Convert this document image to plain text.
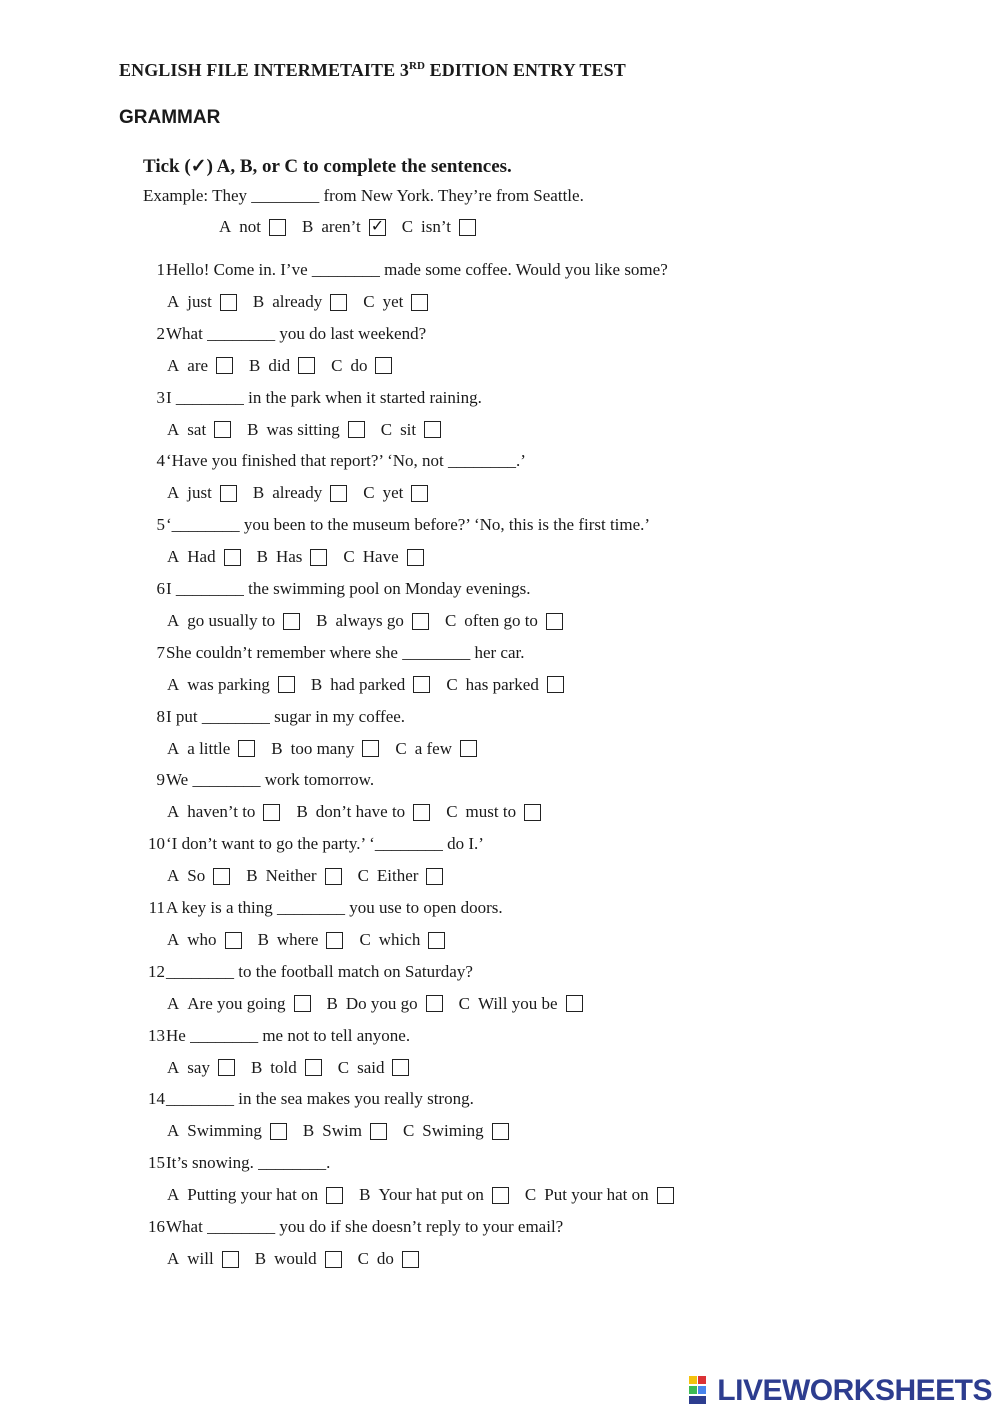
ENGLISH FILE INTERMETAITE 3RD EDITION ENTRY TEST
GRAMMAR
Tick (✓) A, B, or C to complete the sentences.
Example: They ________ from New York. They’re from Seattle.
A not B aren’t
✓ C isn’t
1 Hello! Come in. I’ve ________ made some coffee. Would you like some?
A just B already C yet
2 What ________ you do last weekend?
A are B did C do
3 I ________ in the park when it started raining.
A sat B was sitting C sit
4 ‘Have you finished that report?’ ‘No, not ________.’
A just B already C yet
5 ‘________ you been to the museum before?’ ‘No, this is the first time.’
A Had B Has C Have
6 I ________ the swimming pool on Monday evenings.
A go usually to B always go C often go to
7 She couldn’t remember where she ________ her car.
A was parking B had parked C has parked
8 I put ________ sugar in my coffee.
A a little B too many C a few
9 We ________ work tomorrow.
A haven’t to B don’t have to C must to
10 ‘I don’t want to go the party.’ ‘________ do I.’
A So B Neither C Either
11 A key is a thing ________ you use to open doors.
A who B where C which
12 ________ to the football match on Saturday?
A Are you going B Do you go C Will you be
13 He ________ me not to tell anyone.
A say B told C said
14 ________ in the sea makes you really strong.
A Swimming B Swim C Swiming
15 It’s snowing. ________.
A Putting your hat on B Your hat put on C Put your hat on
16 What ________ you do if she doesn’t reply to your email?
A will B would C do
LIVEWORKSHEETS
